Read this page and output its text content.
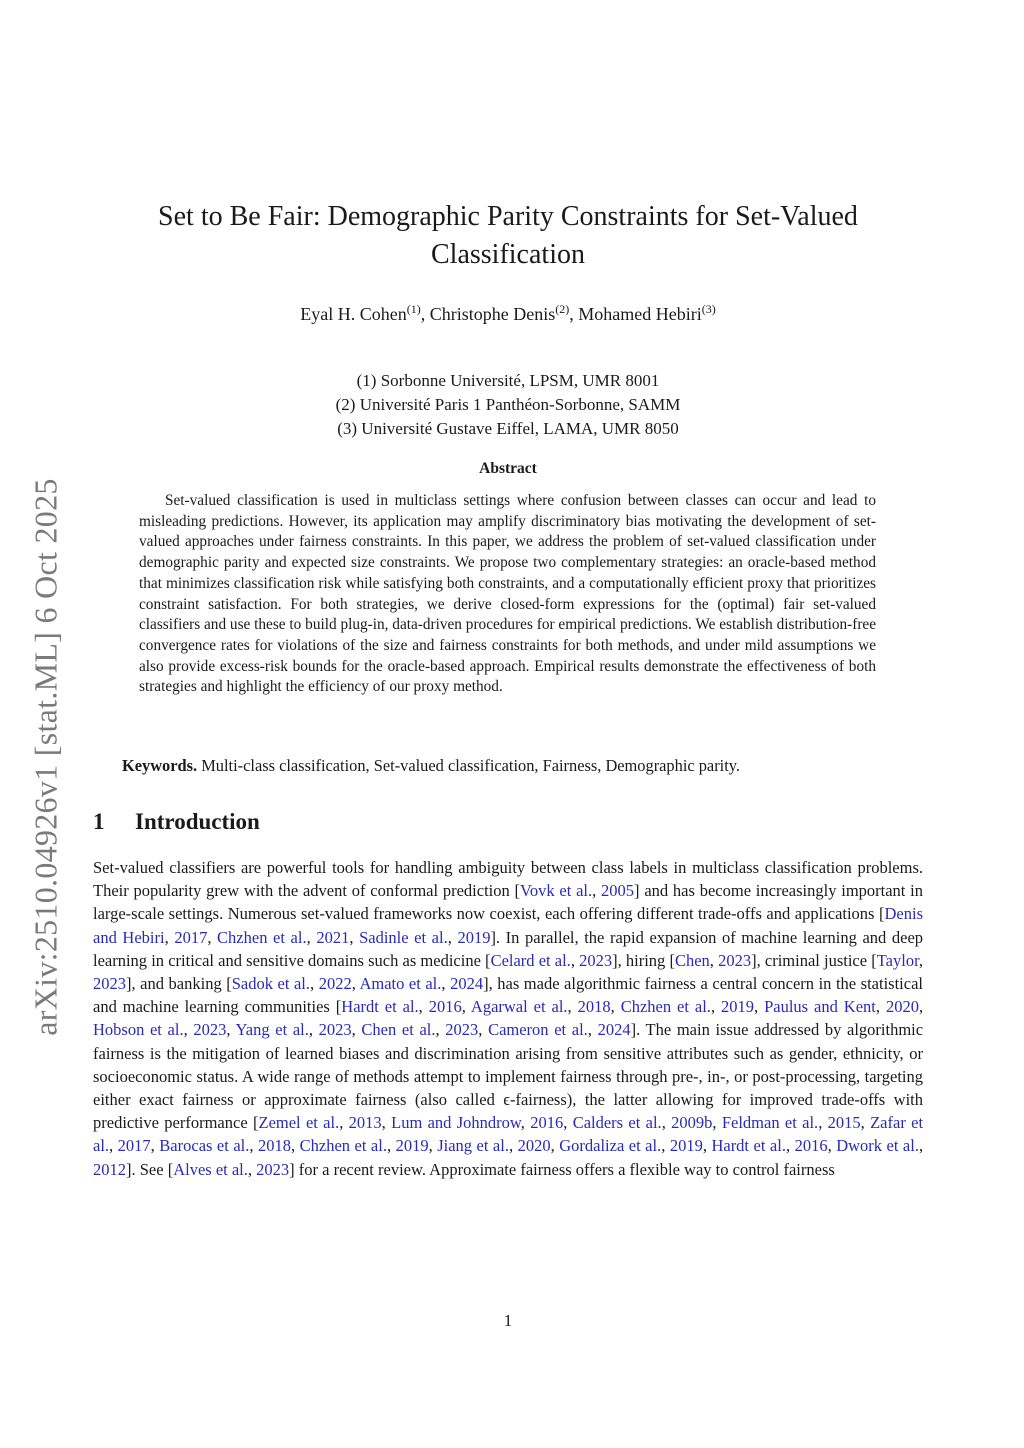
arXiv:2510.04926v1 [stat.ML] 6 Oct 2025
Set to Be Fair: Demographic Parity Constraints for Set-Valued Classification
Eyal H. Cohen$^{(1)}$, Christophe Denis$^{(2)}$, Mohamed Hebiri$^{(3)}$
(1) Sorbonne Université, LPSM, UMR 8001
(2) Université Paris 1 Panthéon-Sorbonne, SAMM
(3) Université Gustave Eiffel, LAMA, UMR 8050
Abstract

Set-valued classification is used in multiclass settings where confusion between classes can occur and lead to misleading predictions. However, its application may amplify discriminatory bias motivating the development of set-valued approaches under fairness constraints. In this paper, we address the problem of set-valued classification under demographic parity and expected size constraints. We propose two complementary strategies: an oracle-based method that minimizes classification risk while satisfying both constraints, and a computationally efficient proxy that prioritizes constraint satisfaction. For both strategies, we derive closed-form expressions for the (optimal) fair set-valued classifiers and use these to build plug-in, data-driven procedures for empirical predictions. We establish distribution-free convergence rates for violations of the size and fairness constraints for both methods, and under mild assumptions we also provide excess-risk bounds for the oracle-based approach. Empirical results demonstrate the effectiveness of both strategies and highlight the efficiency of our proxy method.

Keywords. Multi-class classification, Set-valued classification, Fairness, Demographic parity.
1 Introduction

Set-valued classifiers are powerful tools for handling ambiguity between class labels in multiclass classification problems. Their popularity grew with the advent of conformal prediction [Vovk et al., 2005] and has become increasingly important in large-scale settings. Numerous set-valued frameworks now coexist, each offering different trade-offs and applications [Denis and Hebiri, 2017, Chzhen et al., 2021, Sadinle et al., 2019]. In parallel, the rapid expansion of machine learning and deep learning in critical and sensitive domains such as medicine [Celard et al., 2023], hiring [Chen, 2023], criminal justice [Taylor, 2023], and banking [Sadok et al., 2022, Amato et al., 2024], has made algorithmic fairness a central concern in the statistical and machine learning communities [Hardt et al., 2016, Agarwal et al., 2018, Chzhen et al., 2019, Paulus and Kent, 2020, Hobson et al., 2023, Yang et al., 2023, Chen et al., 2023, Cameron et al., 2024]. The main issue addressed by algorithmic fairness is the mitigation of learned biases and discrimination arising from sensitive attributes such as gender, ethnicity, or socioeconomic status. A wide range of methods attempt to implement fairness through pre-, in-, or post-processing, targeting either exact fairness or approximate fairness (also called ϵ-fairness), the latter allowing for improved trade-offs with predictive performance [Zemel et al., 2013, Lum and Johndrow, 2016, Calders et al., 2009b, Feldman et al., 2015, Zafar et al., 2017, Barocas et al., 2018, Chzhen et al., 2019, Jiang et al., 2020, Gordaliza et al., 2019, Hardt et al., 2016, Dwork et al., 2012]. See [Alves et al., 2023] for a recent review. Approximate fairness offers a flexible way to control fairness

1
